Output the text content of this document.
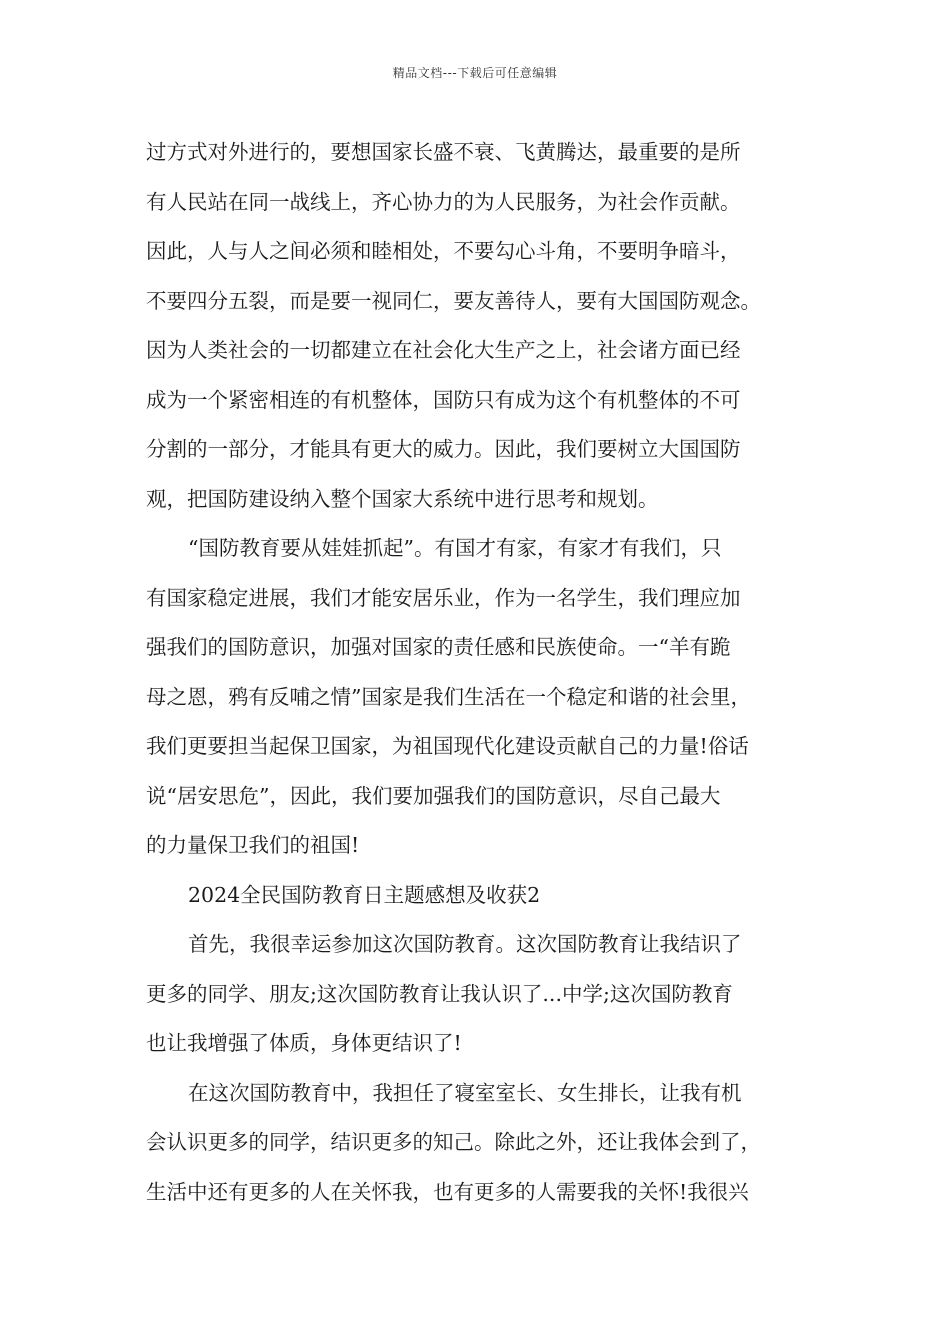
精品文档---下载后可任意编辑
过方式对外进行的，要想国家长盛不衰、飞黄腾达，最重要的是所
有人民站在同一战线上，齐心协力的为人民服务，为社会作贡献。
因此，人与人之间必须和睦相处，不要勾心斗角，不要明争暗斗，
不要四分五裂，而是要一视同仁，要友善待人，要有大国国防观念。
因为人类社会的一切都建立在社会化大生产之上，社会诸方面已经
成为一个紧密相连的有机整体，国防只有成为这个有机整体的不可
分割的一部分，才能具有更大的威力。因此，我们要树立大国国防
观，把国防建设纳入整个国家大系统中进行思考和规划。
“国防教育要从娃娃抓起”。有国才有家，有家才有我们，只
有国家稳定进展，我们才能安居乐业，作为一名学生，我们理应加
强我们的国防意识，加强对国家的责任感和民族使命。一“羊有跪
母之恩，鸦有反哺之情”国家是我们生活在一个稳定和谐的社会里，
我们更要担当起保卫国家，为祖国现代化建设贡献自己的力量!俗话
说“居安思危”，因此，我们要加强我们的国防意识，尽自己最大
的力量保卫我们的祖国!
2024全民国防教育日主题感想及收获2
首先，我很幸运参加这次国防教育。这次国防教育让我结识了
更多的同学、朋友;这次国防教育让我认识了...中学;这次国防教育
也让我增强了体质，身体更结识了!
在这次国防教育中，我担任了寝室室长、女生排长，让我有机
会认识更多的同学，结识更多的知己。除此之外，还让我体会到了，
生活中还有更多的人在关怀我，也有更多的人需要我的关怀!我很兴
